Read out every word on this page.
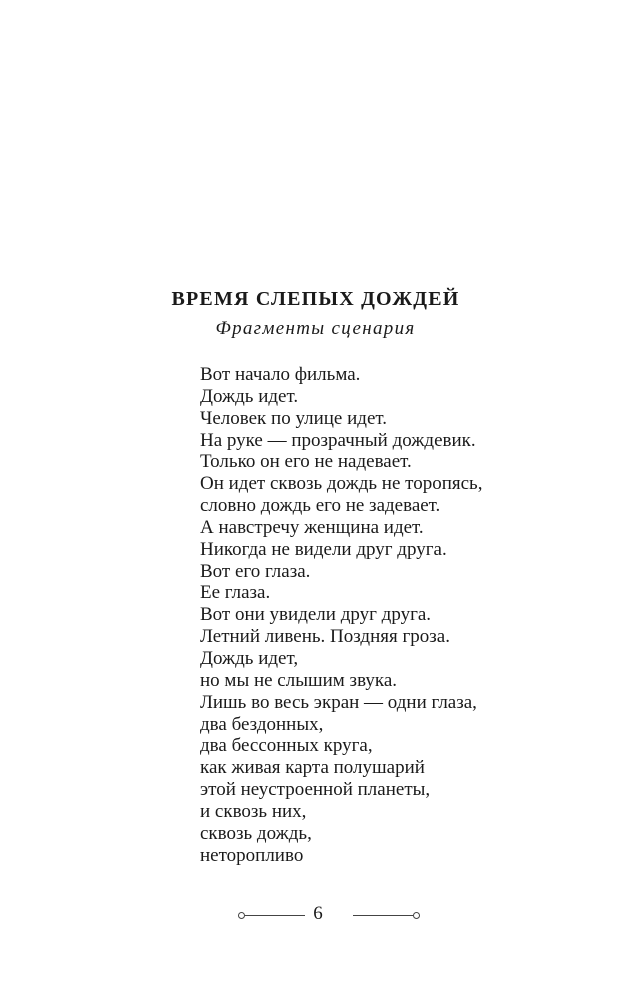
ВРЕМЯ СЛЕПЫХ ДОЖДЕЙ
Фрагменты сценария
Вот начало фильма.
Дождь идет.
Человек по улице идет.
На руке — прозрачный дождевик.
Только он его не надевает.
Он идет сквозь дождь не торопясь,
словно дождь его не задевает.
А навстречу женщина идет.
Никогда не видели друг друга.
Вот его глаза.
Ее глаза.
Вот они увидели друг друга.
Летний ливень. Поздняя гроза.
Дождь идет,
но мы не слышим звука.
Лишь во весь экран — одни глаза,
два бездонных,
два бессонных круга,
как живая карта полушарий
этой неустроенной планеты,
и сквозь них,
сквозь дождь,
неторопливо
6
